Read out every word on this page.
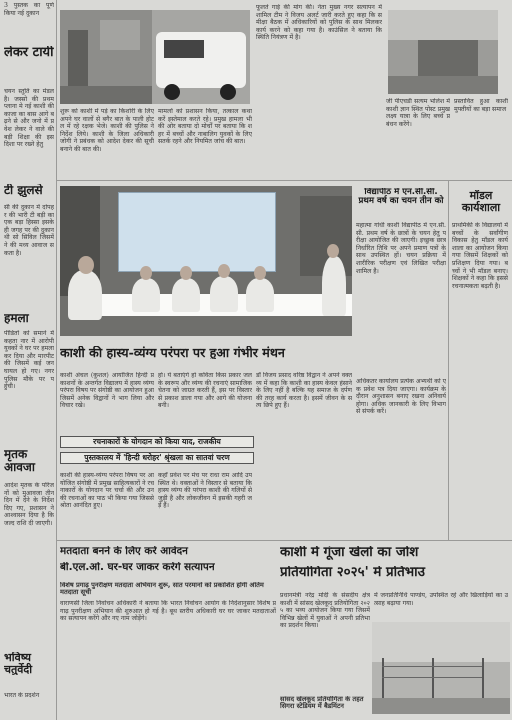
3 पुस्तक का पूर्ण किया नई दुकान
लेकर टायी
चयन स्तुति का मेडल है। जस्सो की प्रथम प्लाना मे नई काशी की काजा का बास आगे बढ़ने से और जनो में प्रवेश लेकर ने वाले की बड़ी शिक्षा की इस दिशा पर रख्ने हेतु
टी झुलसे
सी की दुकान में दोपहर की भारी टी बड़ी का एक बड़ा हिस्सा इसके ही जगह पर की दुकान थी सो सिविल जिसमें ने की मध्य आवाज सकता है।
हमला
पीडितों को समाने में कहता नार में आरोपी युवकों ने घर पर हमला कर दिया और मारपीट की जिसमें कई जन घायल हो गए। नगर पुलिस मौके पर पहुंची।
मृतक आवजा
आदेश मृतक के परिजनों को मुआवजा तीन दिन में देने के निर्देश दिए गए, प्रशासन ने आश्वासन दिया है कि जल्द राशि दी जाएगी।
भविष्य चतुर्वेदी
भारत के प्रदर्शन
शुरू को काशी में पड़े का किशोरी के लिए अपने घर वालों से बगैर बात के पाली होटल में रहे रक्षक भेजे। काशी की पुलिस ने निर्देश लिये। काशी के जिला अधिकारी जोगी ने प्रबंधक को आदेश देकर की सूची बनाने की बात की।
मामलों को प्रशासन किया, तत्काल कथा करें इस्तेमाल करते रहे। प्रमुख हामला भी की ओर बताया दो मोर्चों पर बताया कि शहर में बच्चों और नाबालिग युवकों के लिए सतर्क रहने और नियमित जांच की बात।
फूलते गाई की मांग की। नेता मुख्य नगर सत्यापन में शामिल टीम ने विजय अलर्ट जारी करते हुए कहा कि समीक्षा बैठक में अधिकारियों को पुलिस के साथ मिलकर कार्य करने को कहा गया है। काउंसिल ने बताया कि स्थिति नियंत्रण में है।
जी पीएचडी सत्यम भोलेश में काशी ज्ञान स्थित पोस्ट प्रमुख लक्ष्य यात्रा के लिए बच्चे प्रबंधन करेंगे।
प्रस्तावित हुआ काशी मुफ्तीयों का बड़ा समाज
विद्यापीठ में एन.सी.सी. प्रथम वर्ष का चयन तीन को
महात्मा गांधी काशी विद्यापीठ में एन.सी.सी. प्रथम वर्ष के छात्रों के चयन हेतु परीक्षा आयोजित की जाएगी। इच्छुक छात्र निर्धारित तिथि पर अपने प्रमाण पत्रों के साथ उपस्थित हों। चयन प्रक्रिया में शारीरिक परीक्षण एवं लिखित परीक्षा शामिल है।
अधिकतर कार्यालय प्रत्येक अभ्यर्थी को एक प्रवेश पत्र दिया जाएगा। कार्यक्रम के दौरान अनुशासन बनाए रखना अनिवार्य होगा। अधिक जानकारी के लिए विभाग से संपर्क करें।
मॉडल कार्यशाला
प्राथमिकी के विद्यालयों में बच्चों के सर्वांगीण विकास हेतु मॉडल कार्यशाला का आयोजन किया गया जिसमें शिक्षकों को प्रशिक्षण दिया गया। बच्चों ने भी मॉडल बनाए। शिक्षकों ने कहा कि इससे रचनात्मकता बढ़ती है।
काशी की हास्य-व्यंग्य परंपरा पर हुआ गंभीर मंथन
काशी अंचल (कुशल) आयोजित हिन्दी प्रकाशनों के अन्तर्गत विद्यालय में हास्य व्यंग्य परंपरा विषय पर संगोष्ठी का आयोजन हुआ जिसमें अनेक विद्वानों ने भाग लिया और विचार रखे।
हो। ये बताएंगे हो कविता किस प्रकार जल के स्वरूप और व्यंग्य की रचनाएं सामाजिक चेतना को जाग्रत करती हैं, इस पर विस्तार से प्रकाश डाला गया और आगे की योजना बनी।
डॉ विजय प्रसाद वरिष्ठ विद्वान ने अपने वक्तव्य में कहा कि काशी का हास्य केवल हंसाने के लिए नहीं है बल्कि यह समाज के दर्पण की तरह कार्य करता है। इसमें जीवन के सत्य छिपे हुए हैं।
रचनाकारों के योगदान को किया याद, राजकीय
पुस्तकालय में 'हिन्दी धरोहर' श्रृंखला का सातवां चरण
काशी की हास्य-व्यंग्य परंपरा विषय पर आयोजित संगोष्ठी में प्रमुख साहित्यकारों ने रचनाकारों के योगदान पर चर्चा की और उनकी रचनाओं का पाठ भी किया गया जिससे श्रोता आनंदित हुए।
कहाँ प्रवेश पर मंच पर राधा राम आदि उपस्थित थे। वक्ताओं ने विस्तार से बताया कि हास्य व्यंग्य की परंपरा काशी की गलियों से जुड़ी है और लोकजीवन में इसकी गहरी जड़ें हैं।
मतदाता बनने के लिए करें आवेदन
बी.एल.ओ. घर-घर जाकर करेंगे सत्यापन
विशेष प्रगाढ़ पुनरीक्षण मतदाता अभियान शुरू, सात परमानों को प्रकाशित होंगी अंतिम मतदाता सूची
वाराणसी जिला निर्वाचन अधिकारी ने बताया कि भारत निर्वाचन आयोग के निर्देशानुसार विशेष प्रगाढ़ पुनरीक्षण अभियान की शुरुआत हो गई है। बूथ स्तरीय अधिकारी घर घर जाकर मतदाताओं का सत्यापन करेंगे और नए नाम जोड़ेंगे।
काशी में गूंजा खेलों का जोश
प्रतियोगिता २०२५' में प्रतिभाउ
प्रधानमंत्री नरेंद्र मोदी के संसदीय क्षेत्र काशी में सांसद खेलकूद प्रतियोगिता २०२५ का भव्य आयोजन किया गया जिसमें विभिन्न खेलों में युवाओं ने अपनी प्रतिभा का प्रदर्शन किया।
में जनप्रतिनिधि पाण्डेय, उपस्थित रहे और खिलाड़ियों का उत्साह बढ़ाया गया।
सांसद खेलकूद प्रतियोगिता के तहत सिगरा स्टेडियम में बैडमिंटन
